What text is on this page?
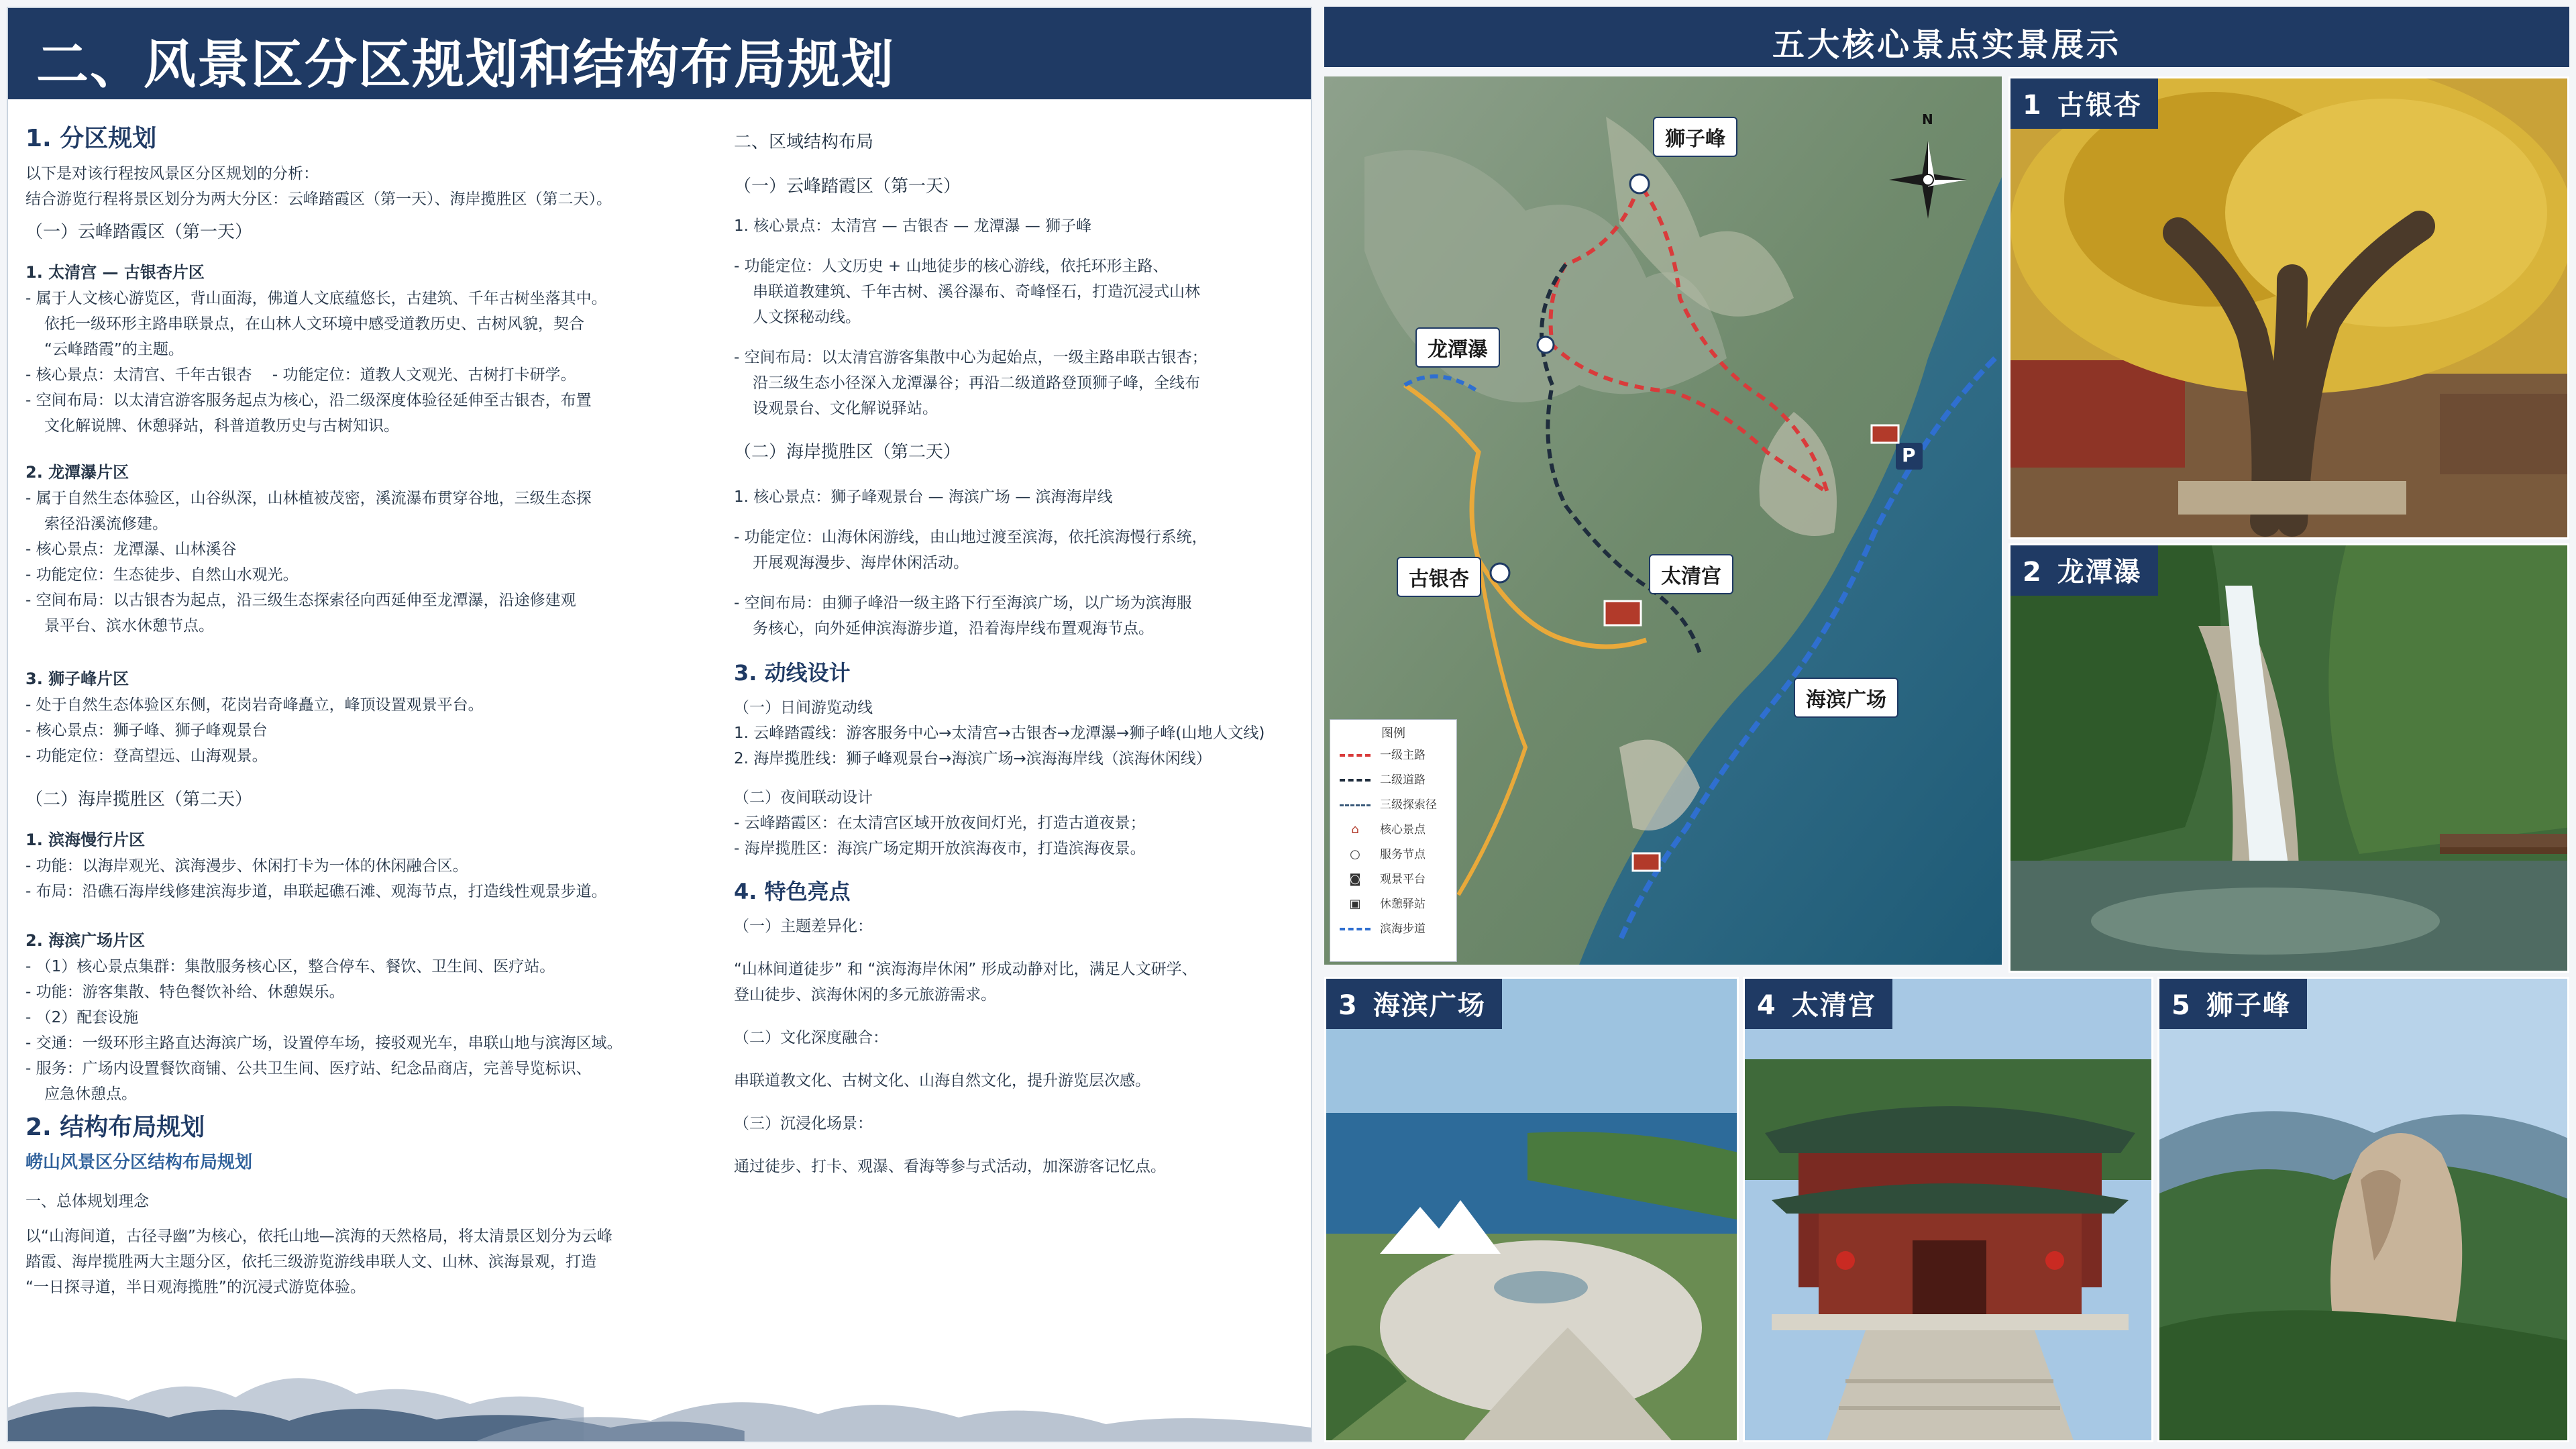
二、风景区分区规划和结构布局规划

1. 分区规划

以下是对该行程按风景区分区规划的分析：

结合游览行程将景区划分为两大分区：云峰踏霞区（第一天）、海岸揽胜区（第二天）。

（一）云峰踏霞区（第一天）

1. 太清宫 — 古银杏片区

- 属于人文核心游览区，背山面海，佛道人文底蕴悠长，古建筑、千年古树坐落其中。

依托一级环形主路串联景点，在山林人文环境中感受道教历史、古树风貌，契合

“云峰踏霞”的主题。

- 核心景点：太清宫、千年古银杏　 - 功能定位：道教人文观光、古树打卡研学。

- 空间布局：以太清宫游客服务起点为核心，沿二级深度体验径延伸至古银杏，布置

文化解说牌、休憩驿站，科普道教历史与古树知识。

2. 龙潭瀑片区

- 属于自然生态体验区，山谷纵深，山林植被茂密，溪流瀑布贯穿谷地，三级生态探

索径沿溪流修建。

- 核心景点：龙潭瀑、山林溪谷

- 功能定位：生态徒步、自然山水观光。

- 空间布局：以古银杏为起点，沿三级生态探索径向西延伸至龙潭瀑，沿途修建观

景平台、滨水休憩节点。

3. 狮子峰片区

- 处于自然生态体验区东侧，花岗岩奇峰矗立，峰顶设置观景平台。

- 核心景点：狮子峰、狮子峰观景台

- 功能定位：登高望远、山海观景。

（二）海岸揽胜区（第二天）

1. 滨海慢行片区

- 功能：以海岸观光、滨海漫步、休闲打卡为一体的休闲融合区。

- 布局：沿礁石海岸线修建滨海步道，串联起礁石滩、观海节点，打造线性观景步道。

2. 海滨广场片区

- （1）核心景点集群：集散服务核心区，整合停车、餐饮、卫生间、医疗站。

- 功能：游客集散、特色餐饮补给、休憩娱乐。

- （2）配套设施

- 交通：一级环形主路直达海滨广场，设置停车场，接驳观光车，串联山地与滨海区域。

- 服务：广场内设置餐饮商铺、公共卫生间、医疗站、纪念品商店，完善导览标识、

应急休憩点。

2. 结构布局规划

崂山风景区分区结构布局规划

一、总体规划理念

以“山海间道，古径寻幽”为核心，依托山地—滨海的天然格局，将太清景区划分为云峰

踏霞、海岸揽胜两大主题分区，依托三级游览游线串联人文、山林、滨海景观，打造

“一日探寻道，半日观海揽胜”的沉浸式游览体验。

二、区域结构布局

（一）云峰踏霞区（第一天）

1. 核心景点：太清宫 — 古银杏 — 龙潭瀑 — 狮子峰

- 功能定位：人文历史 + 山地徒步的核心游线，依托环形主路、

串联道教建筑、千年古树、溪谷瀑布、奇峰怪石，打造沉浸式山林

人文探秘动线。

- 空间布局：以太清宫游客集散中心为起始点，一级主路串联古银杏；

沿三级生态小径深入龙潭瀑谷；再沿二级道路登顶狮子峰，全线布

设观景台、文化解说驿站。

（二）海岸揽胜区（第二天）

1. 核心景点：狮子峰观景台 — 海滨广场 — 滨海海岸线

- 功能定位：山海休闲游线，由山地过渡至滨海，依托滨海慢行系统，

开展观海漫步、海岸休闲活动。

- 空间布局：由狮子峰沿一级主路下行至海滨广场，以广场为滨海服

务核心，向外延伸滨海游步道，沿着海岸线布置观海节点。

3. 动线设计

（一）日间游览动线

1. 云峰踏霞线：游客服务中心→太清宫→古银杏→龙潭瀑→狮子峰(山地人文线)

2. 海岸揽胜线：狮子峰观景台→海滨广场→滨海海岸线（滨海休闲线）

（二）夜间联动设计

- 云峰踏霞区：在太清宫区域开放夜间灯光，打造古道夜景；

- 海岸揽胜区：海滨广场定期开放滨海夜市，打造滨海夜景。

4. 特色亮点

（一）主题差异化：

“山林间道徒步” 和 “滨海海岸休闲” 形成动静对比，满足人文研学、

登山徒步、滨海休闲的多元旅游需求。

（二）文化深度融合：

串联道教文化、古树文化、山海自然文化，提升游览层次感。

（三）沉浸化场景：

通过徒步、打卡、观瀑、看海等参与式活动，加深游客记忆点。

五大核心景点实景展示
狮子峰
龙潭瀑
古银杏	太清宫
海滨广场
N
P
图例
一级主路
二级道路
三级探索径
⌂ 核心景点
○ 服务节点
◙ 观景平台
▣ 休憩驿站
滨海步道
1 古银杏
2 龙潭瀑
3 海滨广场	4 太清宫	5 狮子峰
